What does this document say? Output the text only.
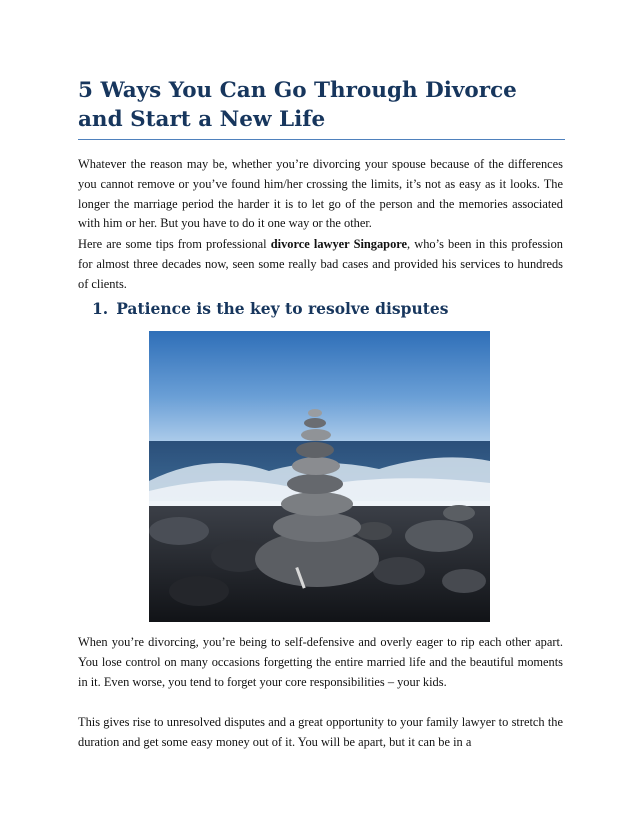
5 Ways You Can Go Through Divorce and Start a New Life

Whatever the reason may be, whether you’re divorcing your spouse because of the differences you cannot remove or you’ve found him/her crossing the limits, it’s not as easy as it looks. The longer the marriage period the harder it is to let go of the person and the memories associated with him or her. But you have to do it one way or the other.

Here are some tips from professional divorce lawyer Singapore, who’s been in this profession for almost three decades now, seen some really bad cases and provided his services to hundreds of clients.

1. Patience is the key to resolve disputes

When you’re divorcing, you’re being to self-defensive and overly eager to rip each other apart. You lose control on many occasions forgetting the entire married life and the beautiful moments in it. Even worse, you tend to forget your core responsibilities – your kids.

This gives rise to unresolved disputes and a great opportunity to your family lawyer to stretch the duration and get some easy money out of it. You will be apart, but it can be in a
